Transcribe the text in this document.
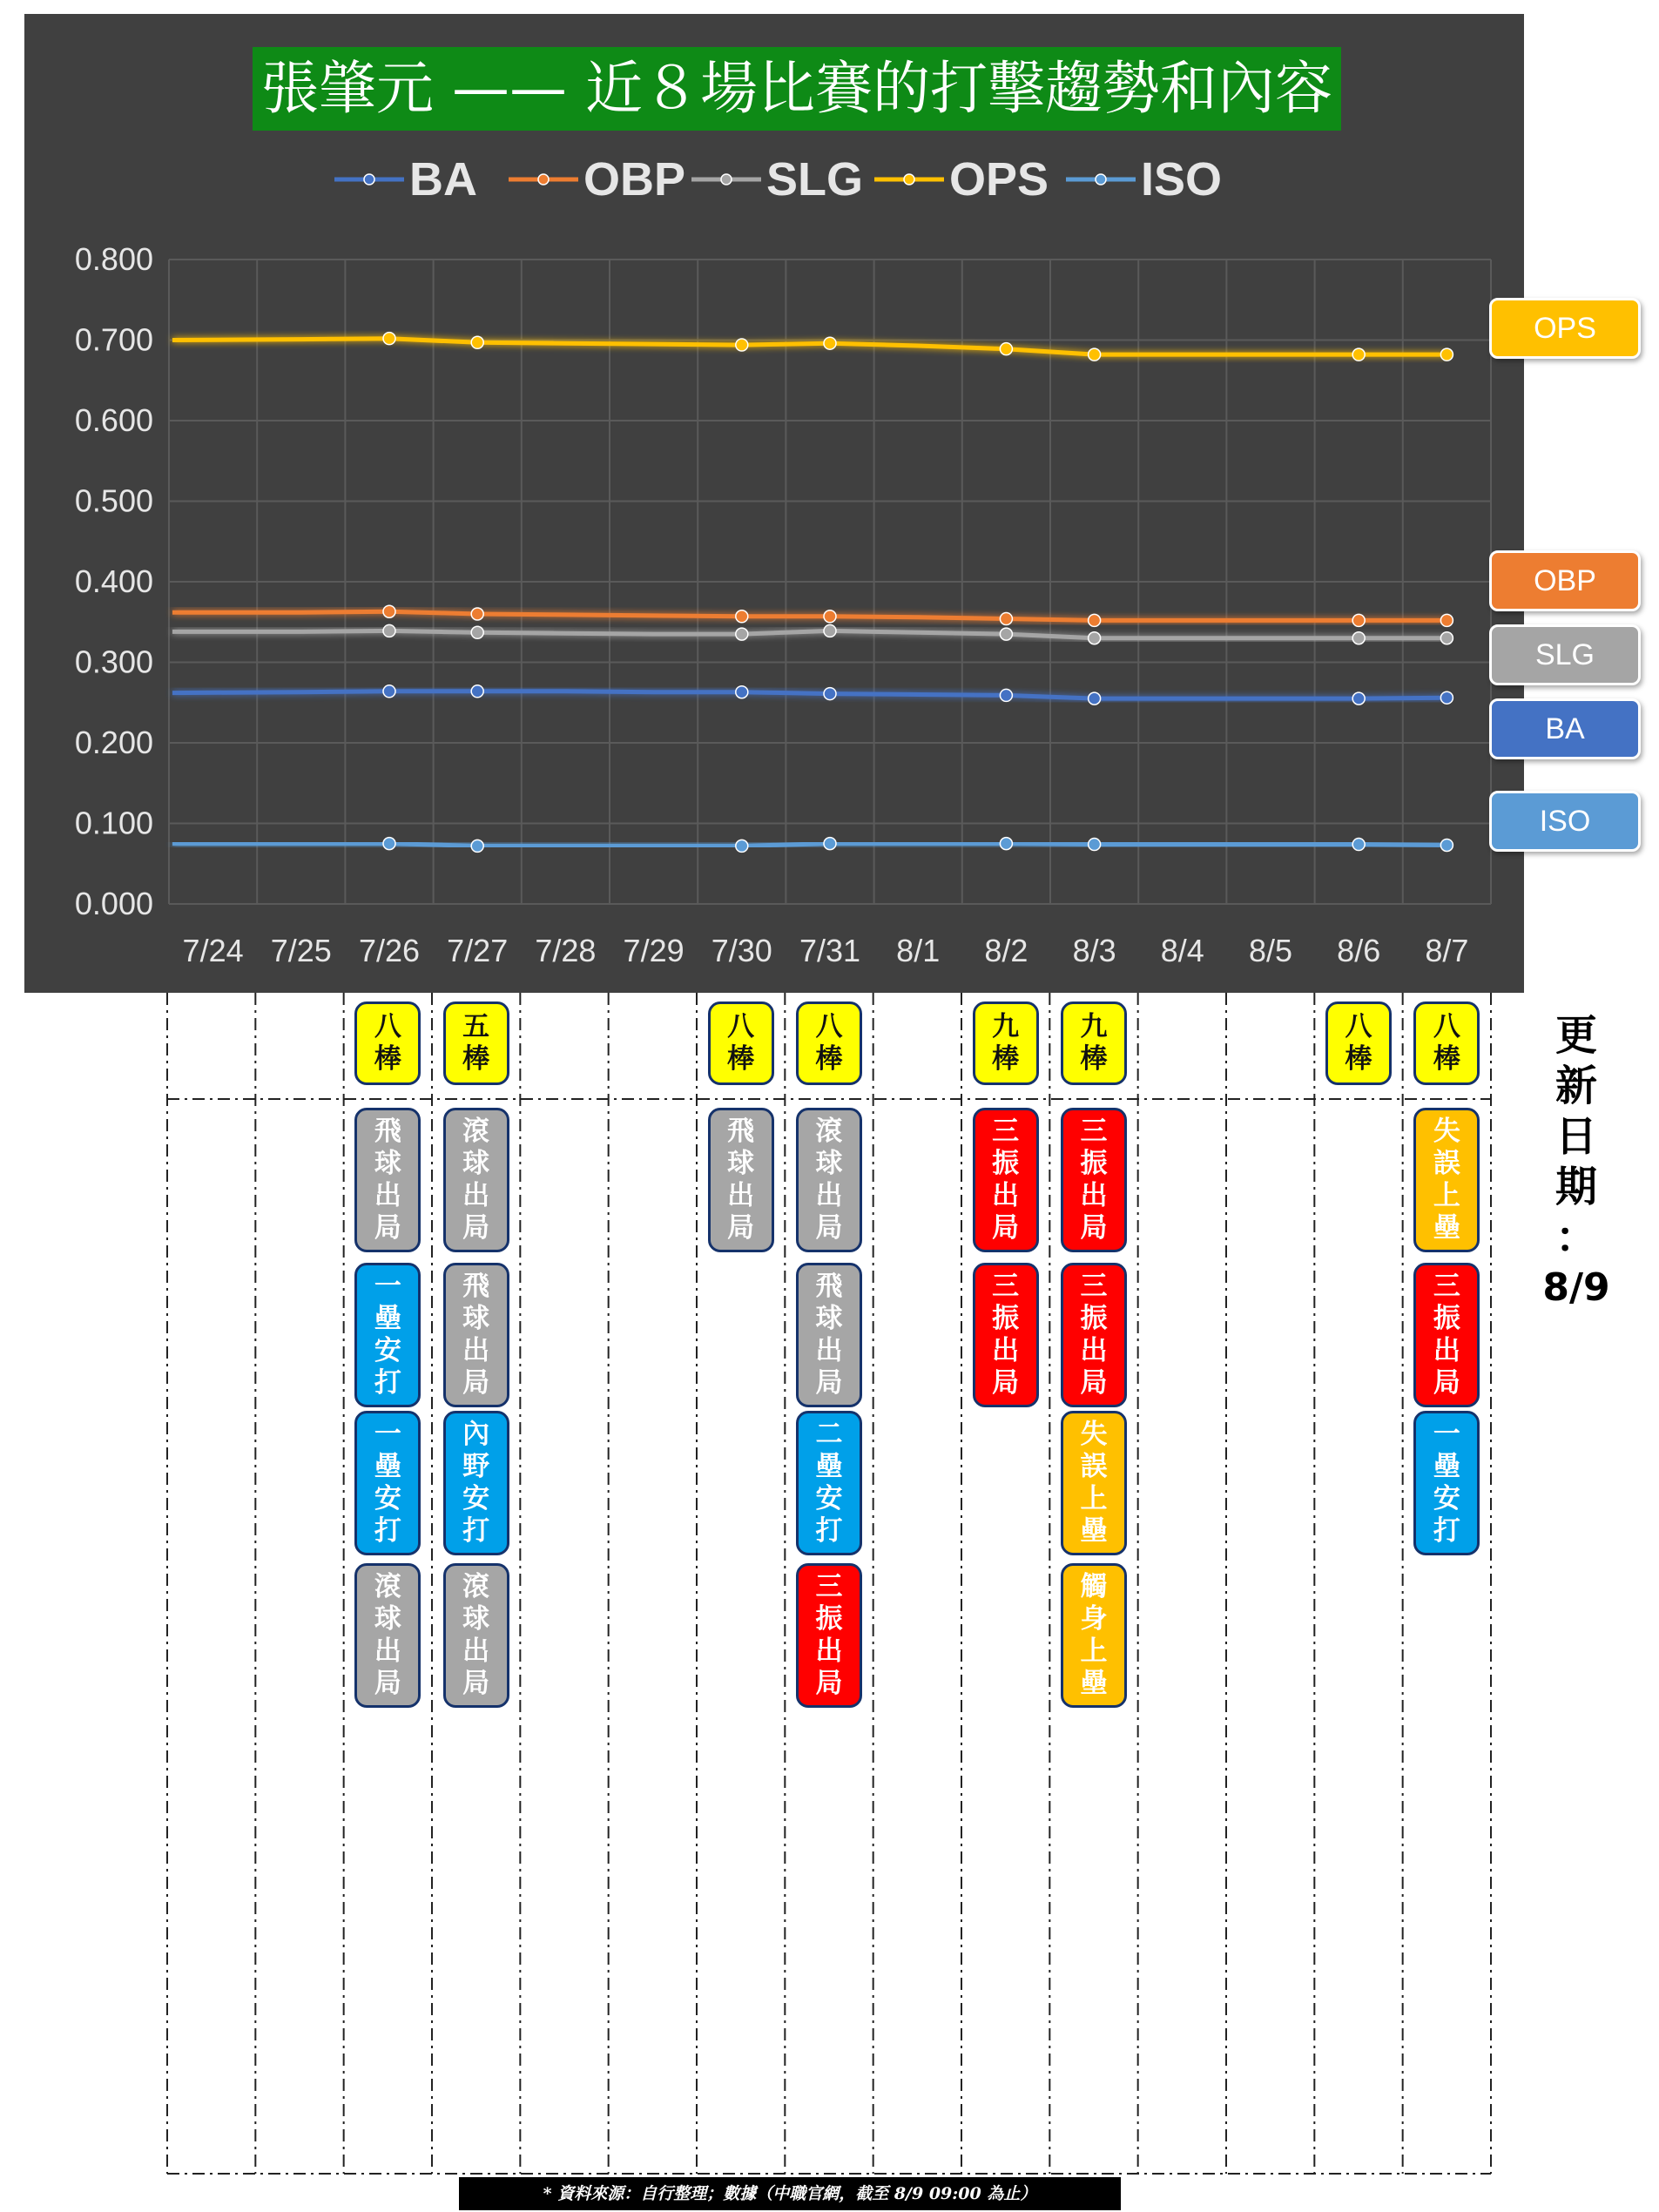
0.000
0.100
0.200
0.300
0.400
0.500
0.600
0.700
0.800
7/24 7/25 7/26 7/27 7/28 7/29 7/30 7/31 8/1 8/2 8/3 8/4 8/5 8/6 8/7
BA OBP SLG OPS ISO
張肇元 —— 近８場比賽的打擊趨勢和內容
OPS
OBP
SLG
BA
ISO
八
棒
飛
球
出
局
一
壘
安
打
一
壘
安
打
滾
球
出
局
五
棒
滾
球
出
局
飛
球
出
局
內
野
安
打
滾
球
出
局
八
棒
飛
球
出
局
八
棒
滾
球
出
局
飛
球
出
局
二
壘
安
打
三
振
出
局
九
棒
三
振
出
局
三
振
出
局
九
棒
三
振
出
局
三
振
出
局
失
誤
上
壘
觸
身
上
壘
八
棒
八
棒
失
誤
上
壘
三
振
出
局
一
壘
安
打
更
新
日
期
：
8/9
* 資料來源：自行整理；數據（中職官網，截至 8/9 09:00 為止）
